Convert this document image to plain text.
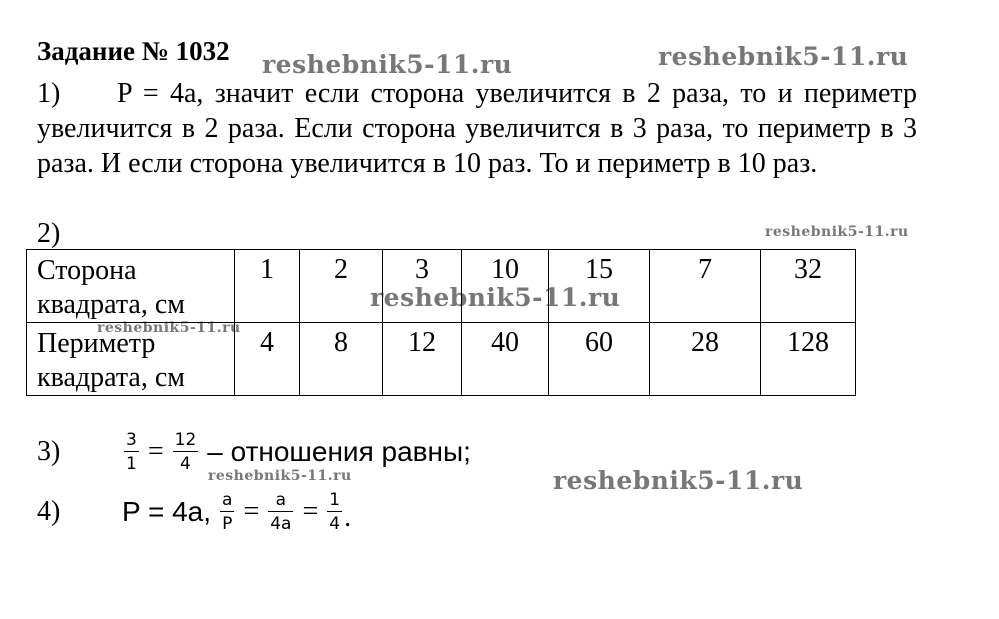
Задание № 1032 reshebnik5-11.ru	reshebnik5-11.ru
reshebnik5-11.ru
reshebnik5-11.ru
reshebnik5-11.ru
reshebnik5-11.ru	reshebnik5-11.ru
1) P = 4a, значит если сторона увеличится в 2 раза, то и периметр увеличится в 2 раза. Если сторона увеличится в 3 раза, то периметр в 3 раза. И если сторона увеличится в 10 раз. То и периметр в 10 раз.
2)
Сторона квадрата, см	1	2	3	10	15	7	32
Периметр квадрата, см	4	8	12	40	60	28	128
3)	$\frac{3}{1} = \frac{12}{4}$ – отношения равны;
4) P = 4a, $\frac{a}{P} = \frac{a}{4a} = \frac{1}{4}$ .
